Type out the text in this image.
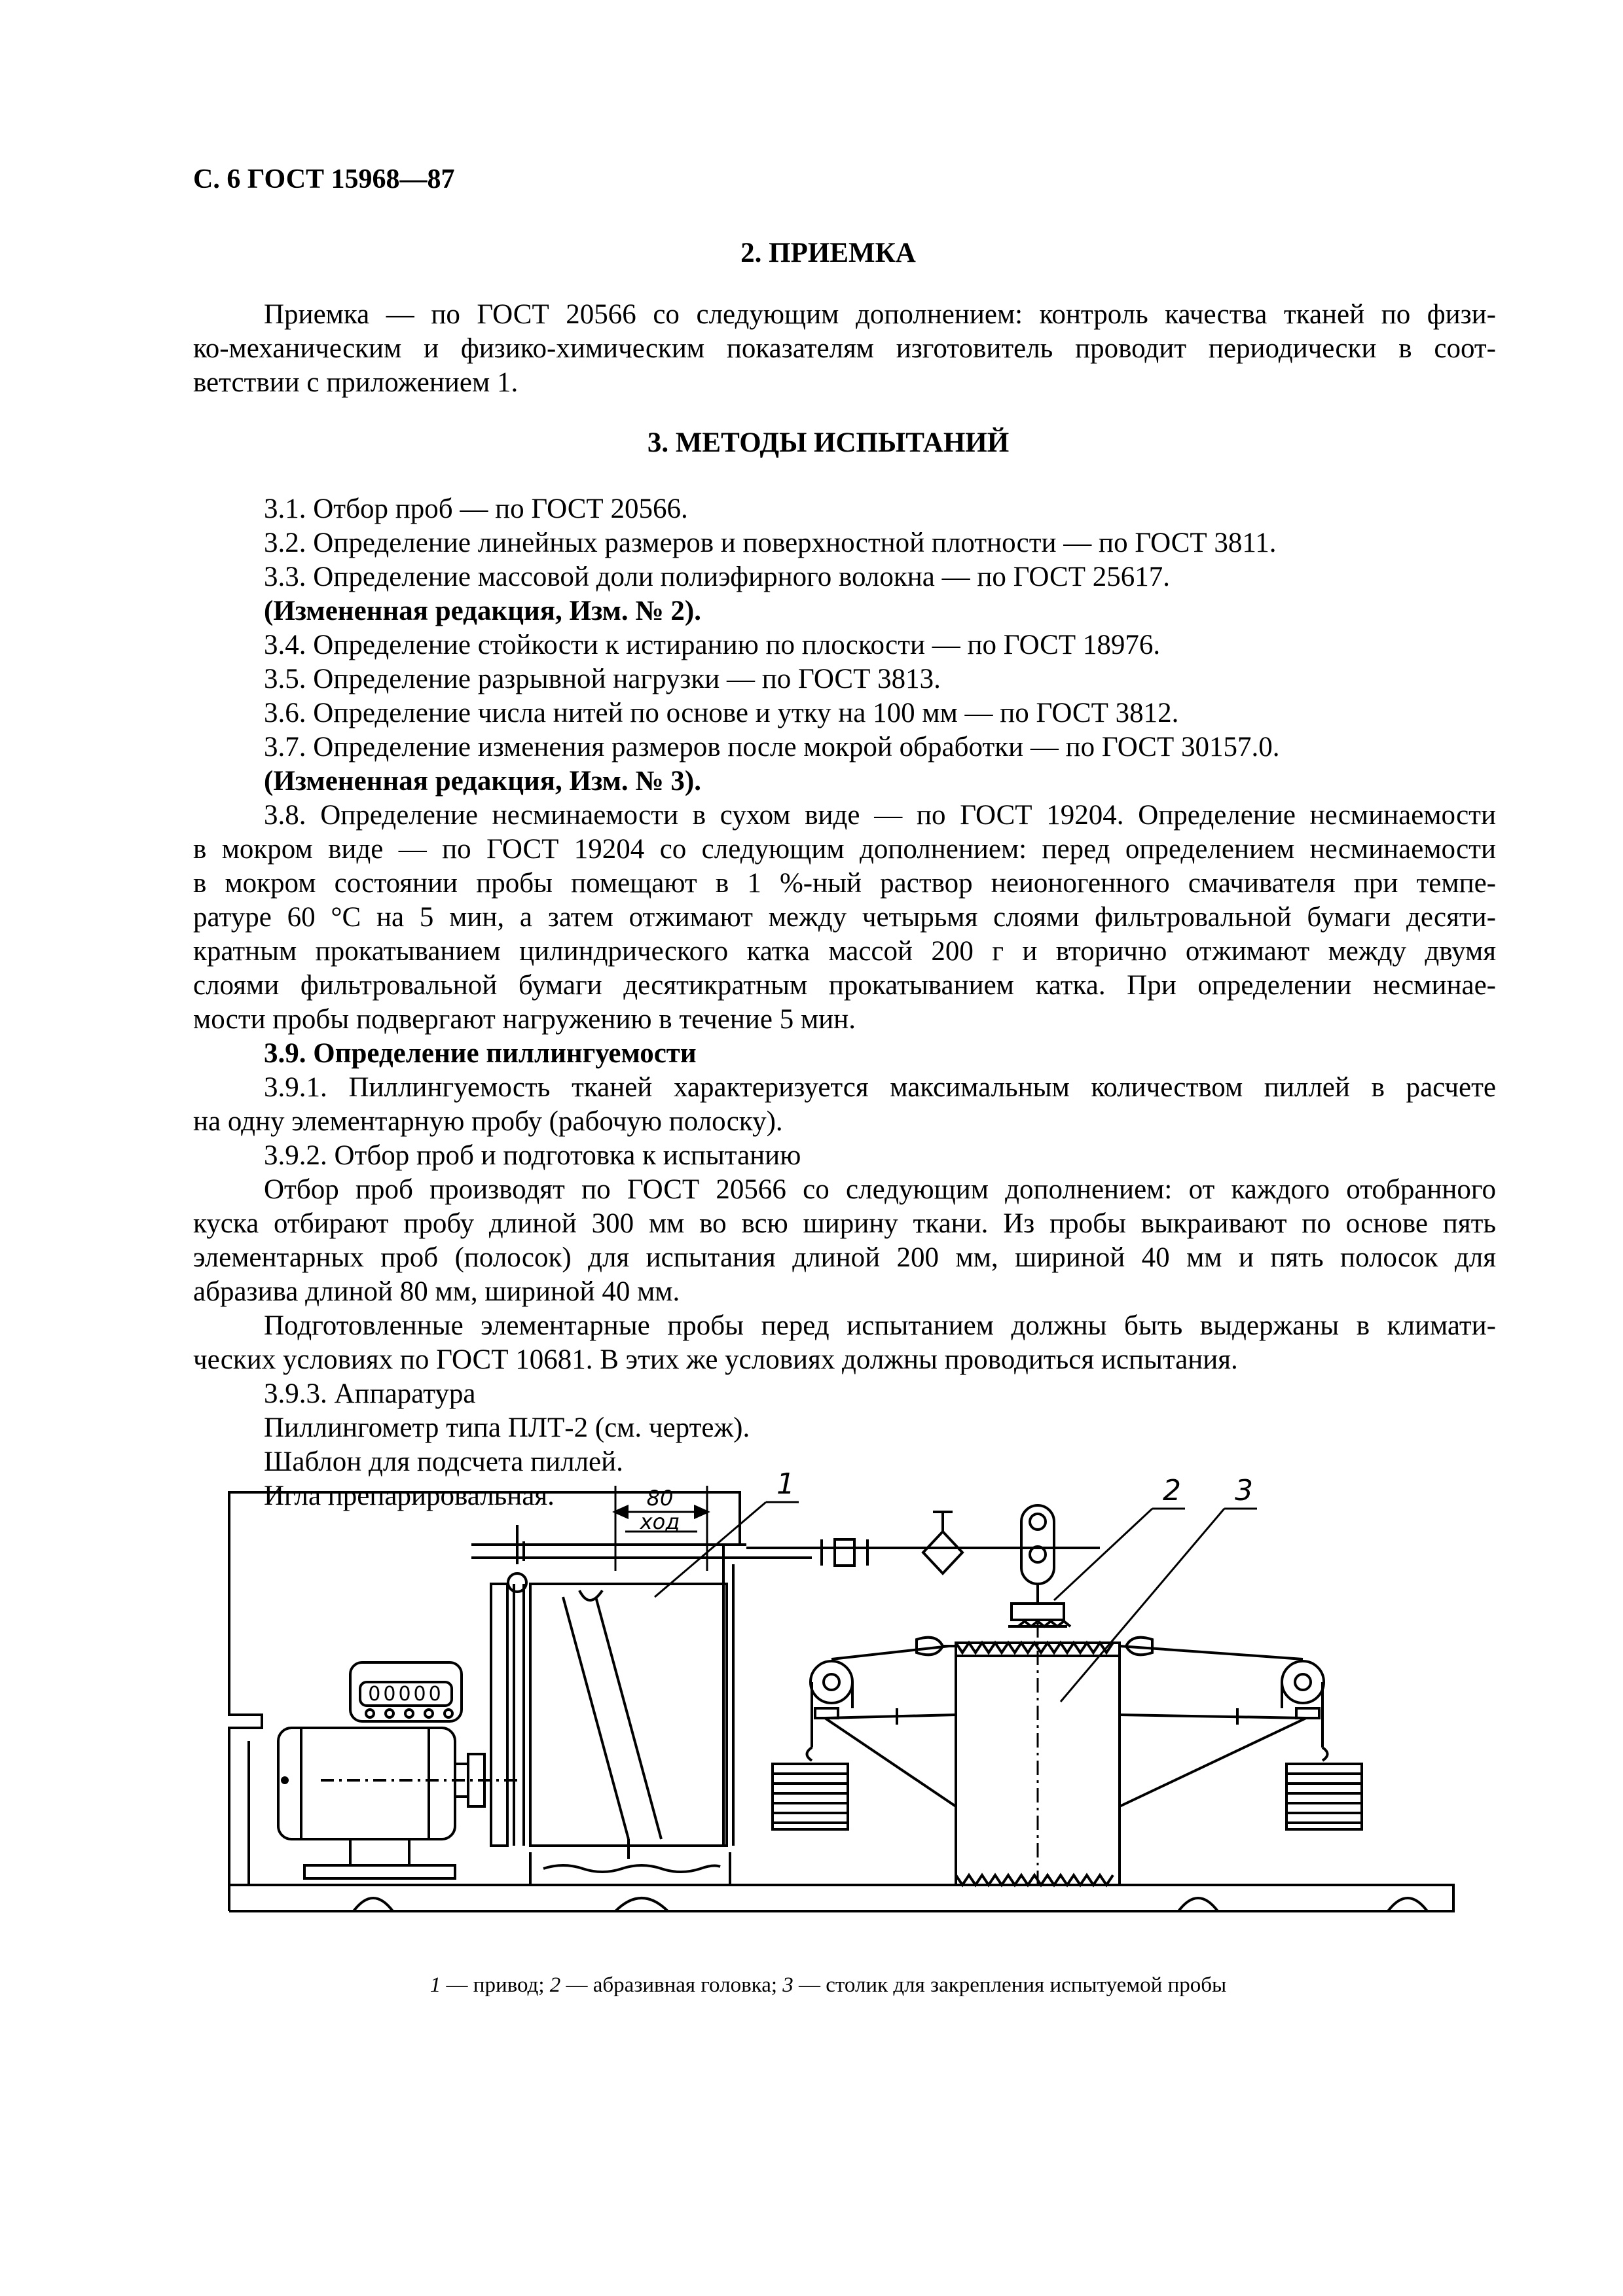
С. 6 ГОСТ 15968—87
2. ПРИЕМКА
Приемка — по ГОСТ 20566 со следующим дополнением: контроль качества тканей по физи-
ко-механическим и физико-химическим показателям изготовитель проводит периодически в соот-
ветствии с приложением 1.
3. МЕТОДЫ ИСПЫТАНИЙ
3.1. Отбор проб — по ГОСТ 20566.
3.2. Определение линейных размеров и поверхностной плотности — по ГОСТ 3811.
3.3. Определение массовой доли полиэфирного волокна — по ГОСТ 25617.
(Измененная редакция, Изм. № 2).
3.4. Определение стойкости к истиранию по плоскости — по ГОСТ 18976.
3.5. Определение разрывной нагрузки — по ГОСТ 3813.
3.6. Определение числа нитей по основе и утку на 100 мм — по ГОСТ 3812.
3.7. Определение изменения размеров после мокрой обработки — по ГОСТ 30157.0.
(Измененная редакция, Изм. № 3).
3.8. Определение несминаемости в сухом виде — по ГОСТ 19204. Определение несминаемости
в мокром виде — по ГОСТ 19204 со следующим дополнением: перед определением несминаемости
в мокром состоянии пробы помещают в 1 %-ный раствор неионогенного смачивателя при темпе-
ратуре 60 °С на 5 мин, а затем отжимают между четырьмя слоями фильтровальной бумаги десяти-
кратным прокатыванием цилиндрического катка массой 200 г и вторично отжимают между двумя
слоями фильтровальной бумаги десятикратным прокатыванием катка. При определении несминае-
мости пробы подвергают нагружению в течение 5 мин.
3.9. Определение пиллингуемости
3.9.1. Пиллингуемость тканей характеризуется максимальным количеством пиллей в расчете
на одну элементарную пробу (рабочую полоску).
3.9.2. Отбор проб и подготовка к испытанию
Отбор проб производят по ГОСТ 20566 со следующим дополнением: от каждого отобранного
куска отбирают пробу длиной 300 мм во всю ширину ткани. Из пробы выкраивают по основе пять
элементарных проб (полосок) для испытания длиной 200 мм, шириной 40 мм и пять полосок для
абразива длиной 80 мм, шириной 40 мм.
Подготовленные элементарные пробы перед испытанием должны быть выдержаны в климати-
ческих условиях по ГОСТ 10681. В этих же условиях должны проводиться испытания.
3.9.3. Аппаратура
Пиллингометр типа ПЛТ-2 (см. чертеж).
Шаблон для подсчета пиллей.
Игла препарировальная.
00000
80
ход
1	2 3
1 — привод; 2 — абразивная головка; 3 — столик для закрепления испытуемой пробы
